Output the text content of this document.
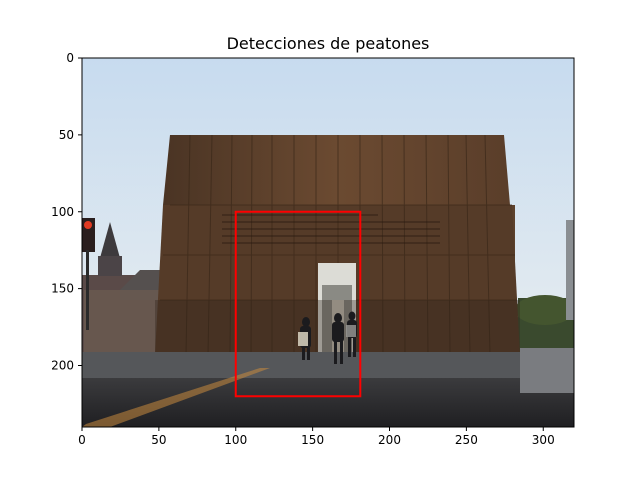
Detecciones de peatones
0	50	100	150	200	250	300
0
50
100
150
200
